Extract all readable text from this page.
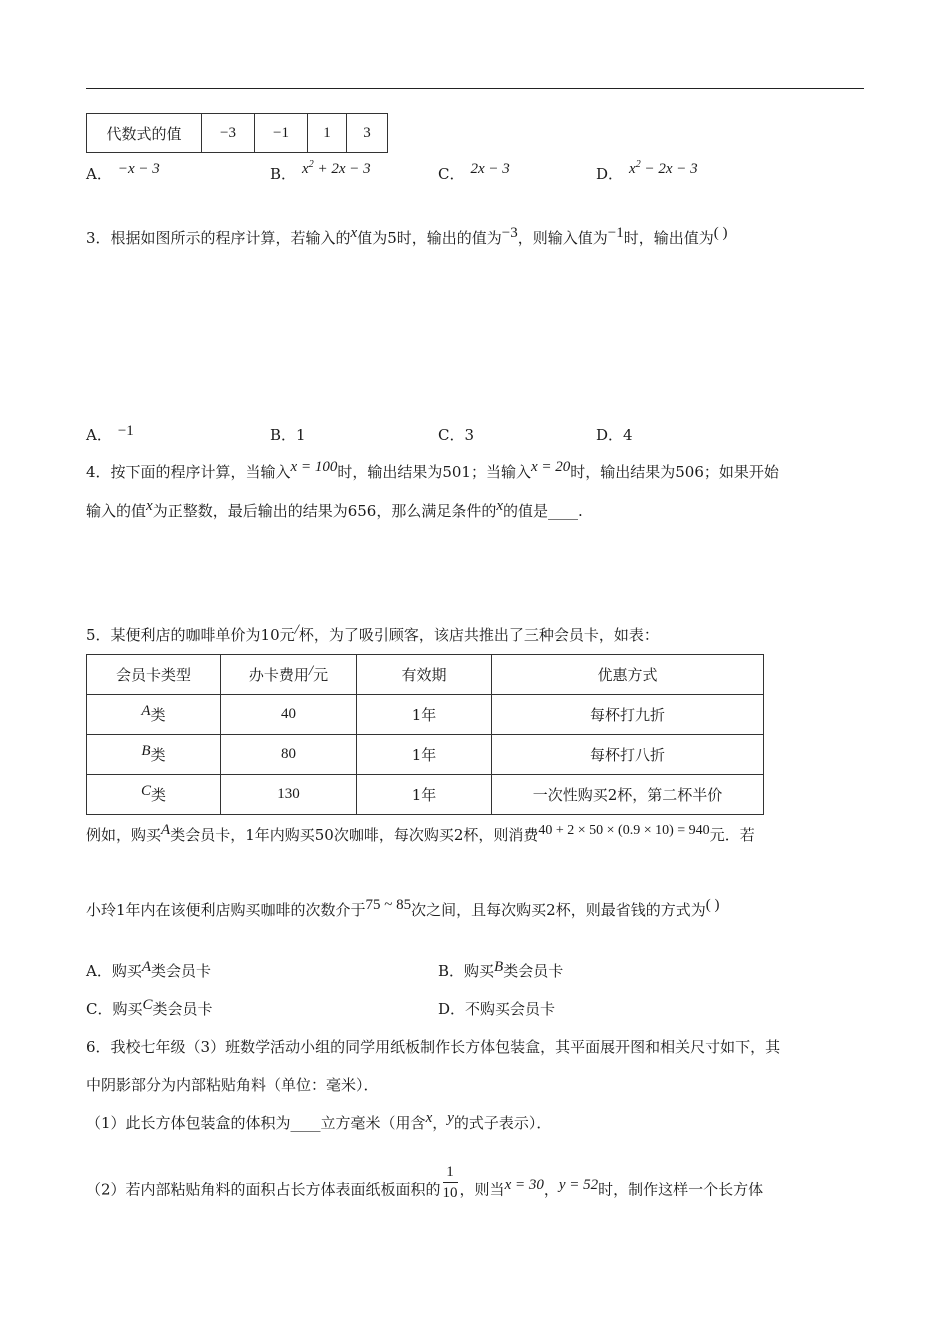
代数式的值	−3	−1	1	3
A． −x − 3	B． $x^2 + 2x - 3$	C． 2x − 3	D． $x^2 - 2x - 3$
3．根据如图所示的程序计算，若输入的x值为5时，输出的值为−3，则输入值为−1时，输出值为( )
A． −1	B．1	C．3	D．4
4．按下面的程序计算，当输入x = 100时，输出结果为501；当输入x = 20时，输出结果为506；如果开始
输入的值x为正整数，最后输出的结果为656，那么满足条件的x的值是____.
5．某便利店的咖啡单价为10元/杯，为了吸引顾客，该店共推出了三种会员卡，如表：
会员卡类型	办卡费用/元	有效期	优惠方式
A类	40	1年	每杯打九折
B类	80	1年	每杯打八折
C类	130	1年	一次性购买2杯，第二杯半价
例如，购买A类会员卡，1年内购买50次咖啡，每次购买2杯，则消费40 + 2 × 50 × (0.9 × 10) = 940元．若
小玲1年内在该便利店购买咖啡的次数介于75 ~ 85次之间，且每次购买2杯，则最省钱的方式为( )
A．购买A类会员卡	B．购买B类会员卡
C．购买C类会员卡	D．不购买会员卡
6．我校七年级（3）班数学活动小组的同学用纸板制作长方体包装盒，其平面展开图和相关尺寸如下，其
中阴影部分为内部粘贴角料（单位：毫米）．
（1）此长方体包装盒的体积为____立方毫米（用含x，y的式子表示）．
（2）若内部粘贴角料的面积占长方体表面纸板面积的 $\frac{1}{10}$ ，则当x = 30，y = 52时，制作这样一个长方体
